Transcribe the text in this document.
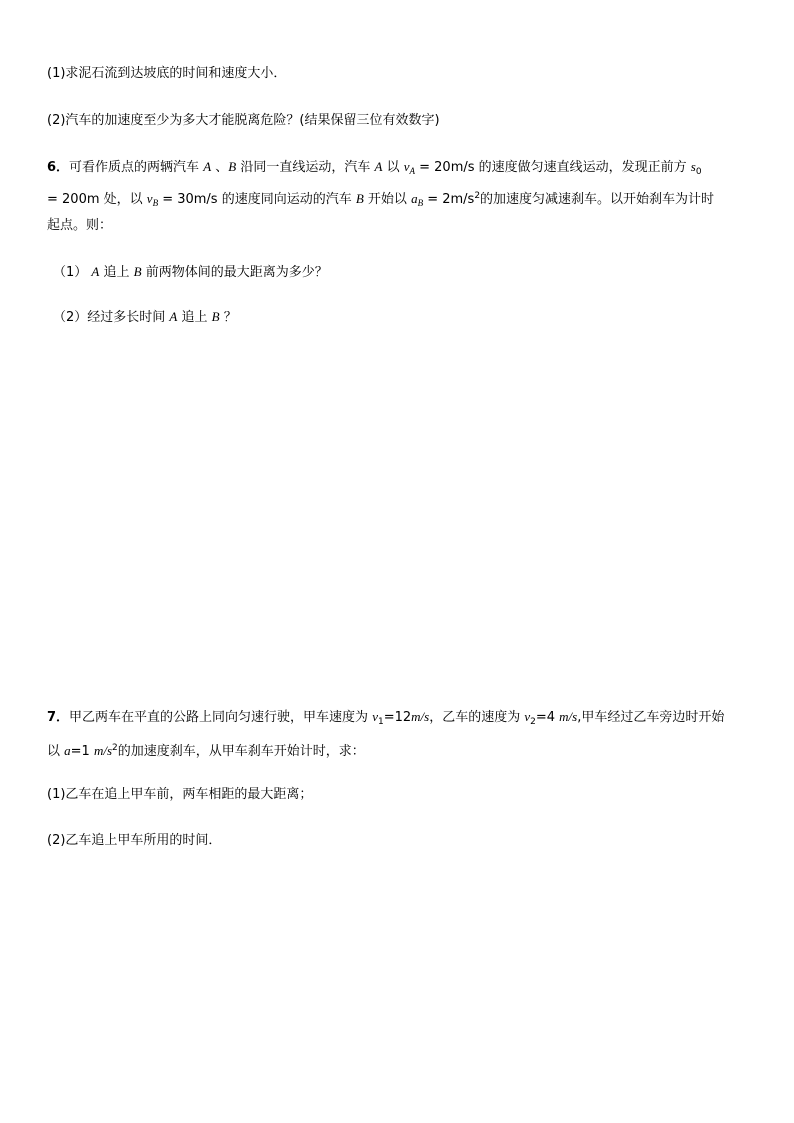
(1)求泥石流到达坡底的时间和速度大小．
(2)汽车的加速度至少为多大才能脱离危险？(结果保留三位有效数字)
6．可看作质点的两辆汽车 A 、B 沿同一直线运动，汽车 A 以 $v_A = 20m/s$ 的速度做匀速直线运动，发现正前方 $s_0$
= 200m 处，以 $v_B = 30m/s$ 的速度同向运动的汽车 B 开始以 $a_B = 2m/s^2$的加速度匀减速刹车。以开始刹车为计时
起点。则：
（1） A 追上 B 前两物体间的最大距离为多少？
（2）经过多长时间 A 追上 B ？
7．甲乙两车在平直的公路上同向匀速行驶，甲车速度为 $v_1=12m/s$，乙车的速度为 $v_2=4$ m/s,甲车经过乙车旁边时开始
以 a=1 $m/s^2$的加速度刹车，从甲车刹车开始计时，求：
(1)乙车在追上甲车前，两车相距的最大距离；
(2)乙车追上甲车所用的时间．
